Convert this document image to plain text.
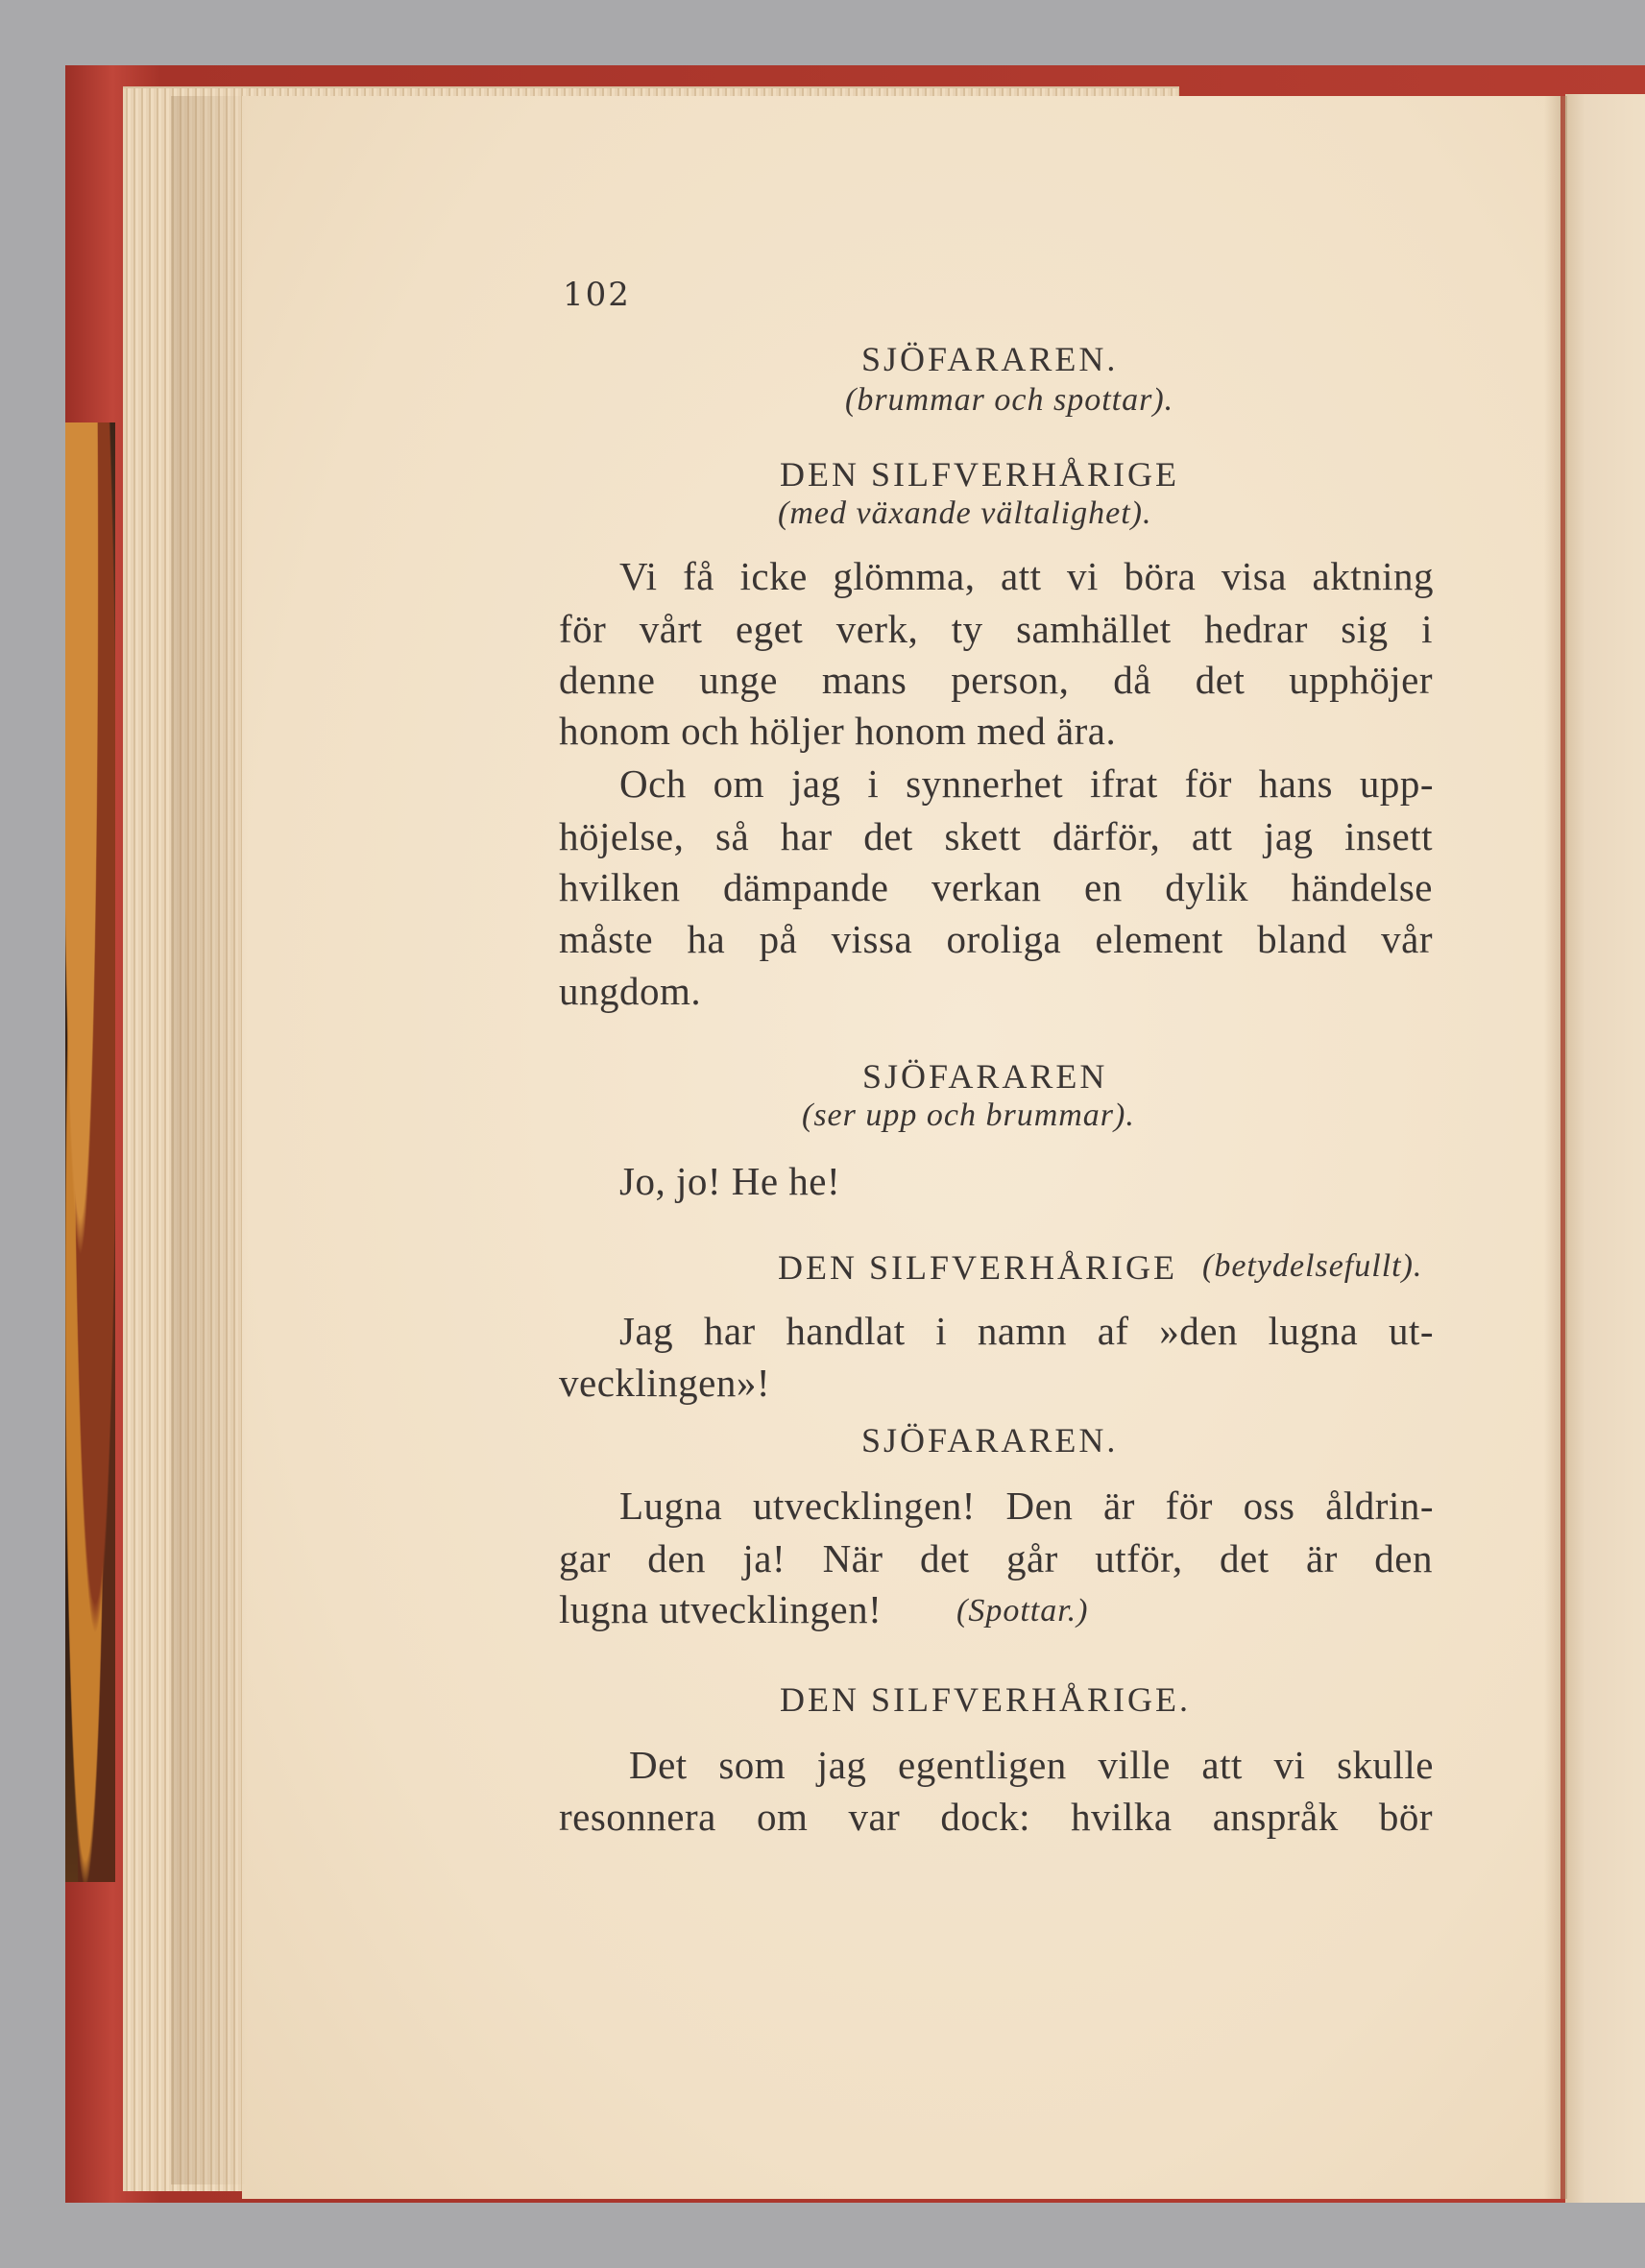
102
SJÖFARAREN.
(brummar och spottar).
DEN SILFVERHÅRIGE
(med växande vältalighet).
Vi få icke glömma, att vi böra visa aktning
för vårt eget verk, ty samhället hedrar sig i
denne unge mans person, då det upphöjer
honom och höljer honom med ära.
Och om jag i synnerhet ifrat för hans upp-
höjelse, så har det skett därför, att jag insett
hvilken dämpande verkan en dylik händelse
måste ha på vissa oroliga element bland vår
ungdom.
SJÖFARAREN
(ser upp och brummar).
Jo, jo! He he!
DEN SILFVERHÅRIGE (betydelsefullt).
Jag har handlat i namn af »den lugna ut-
vecklingen»!
SJÖFARAREN.
Lugna utvecklingen! Den är för oss åldrin-
gar den ja! När det går utför, det är den
lugna utvecklingen!	(Spottar.)
DEN SILFVERHÅRIGE.
Det som jag egentligen ville att vi skulle
resonnera om var dock: hvilka anspråk bör
